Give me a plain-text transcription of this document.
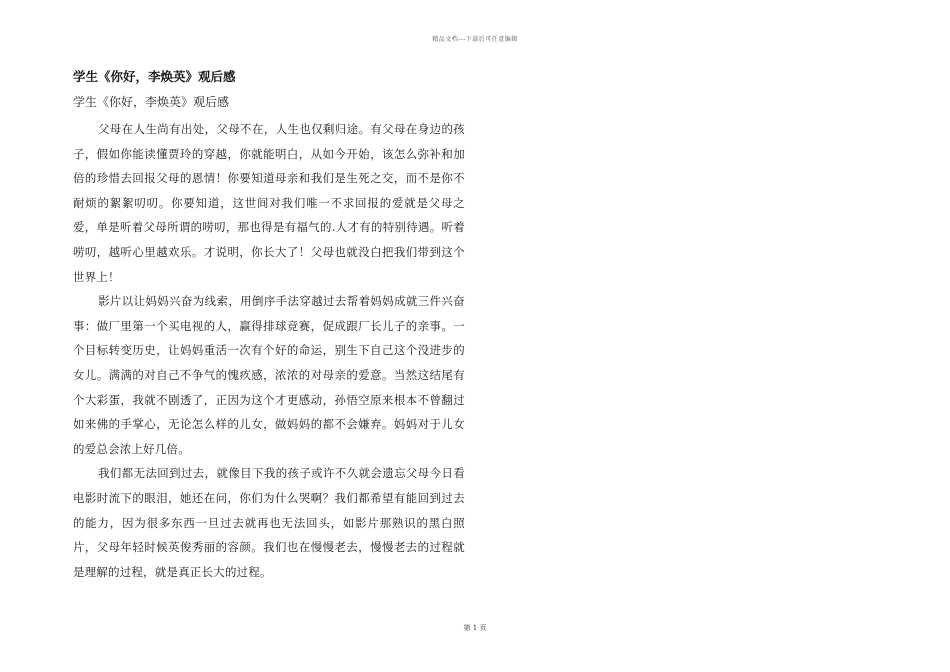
精品文档---下载后可任意编辑
学生《你好，李焕英》观后感

学生《你好，李焕英》观后感

父母在人生尚有出处，父母不在，人生也仅剩归途。有父母在身边的孩子，假如你能读懂贾玲的穿越，你就能明白，从如今开始，该怎么弥补和加倍的珍惜去回报父母的恩情！你要知道母亲和我们是生死之交，而不是你不耐烦的絮絮叨叨。你要知道，这世间对我们唯一不求回报的爱就是父母之爱，单是听着父母所谓的唠叨，那也得是有福气的.人才有的特别待遇。听着唠叨，越听心里越欢乐。才说明，你长大了！父母也就没白把我们带到这个世界上！

影片以让妈妈兴奋为线索，用倒序手法穿越过去帮着妈妈成就三件兴奋事：做厂里第一个买电视的人，赢得排球竞赛，促成跟厂长儿子的亲事。一个目标转变历史，让妈妈重活一次有个好的命运，别生下自己这个没进步的女儿。满满的对自己不争气的愧疚感，浓浓的对母亲的爱意。当然这结尾有个大彩蛋，我就不剧透了，正因为这个才更感动，孙悟空原来根本不曾翻过如来佛的手掌心，无论怎么样的儿女，做妈妈的都不会嫌弃。妈妈对于儿女的爱总会浓上好几倍。

我们都无法回到过去，就像目下我的孩子或许不久就会遗忘父母今日看电影时流下的眼泪，她还在问，你们为什么哭啊？我们都希望有能回到过去的能力，因为很多东西一旦过去就再也无法回头，如影片那熟识的黑白照片，父母年轻时候英俊秀丽的容颜。我们也在慢慢老去，慢慢老去的过程就是理解的过程，就是真正长大的过程。

第 1 页
